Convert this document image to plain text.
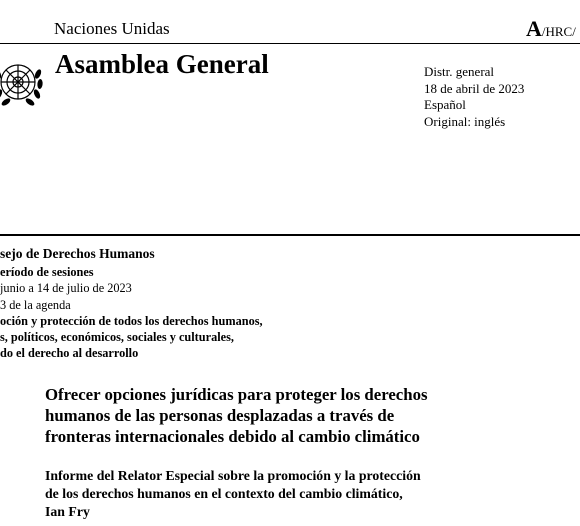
Naciones Unidas	A/HRC/
Asamblea General	Distr. general
18 de abril de 2023
Español
Original: inglés
sejo de Derechos Humanos
eríodo de sesiones
junio a 14 de julio de 2023
3 de la agenda
oción y protección de todos los derechos humanos,
s, políticos, económicos, sociales y culturales,
do el derecho al desarrollo
Ofrecer opciones jurídicas para proteger los derechos
humanos de las personas desplazadas a través de
fronteras internacionales debido al cambio climático
Informe del Relator Especial sobre la promoción y la protección
de los derechos humanos en el contexto del cambio climático,
Ian Fry
